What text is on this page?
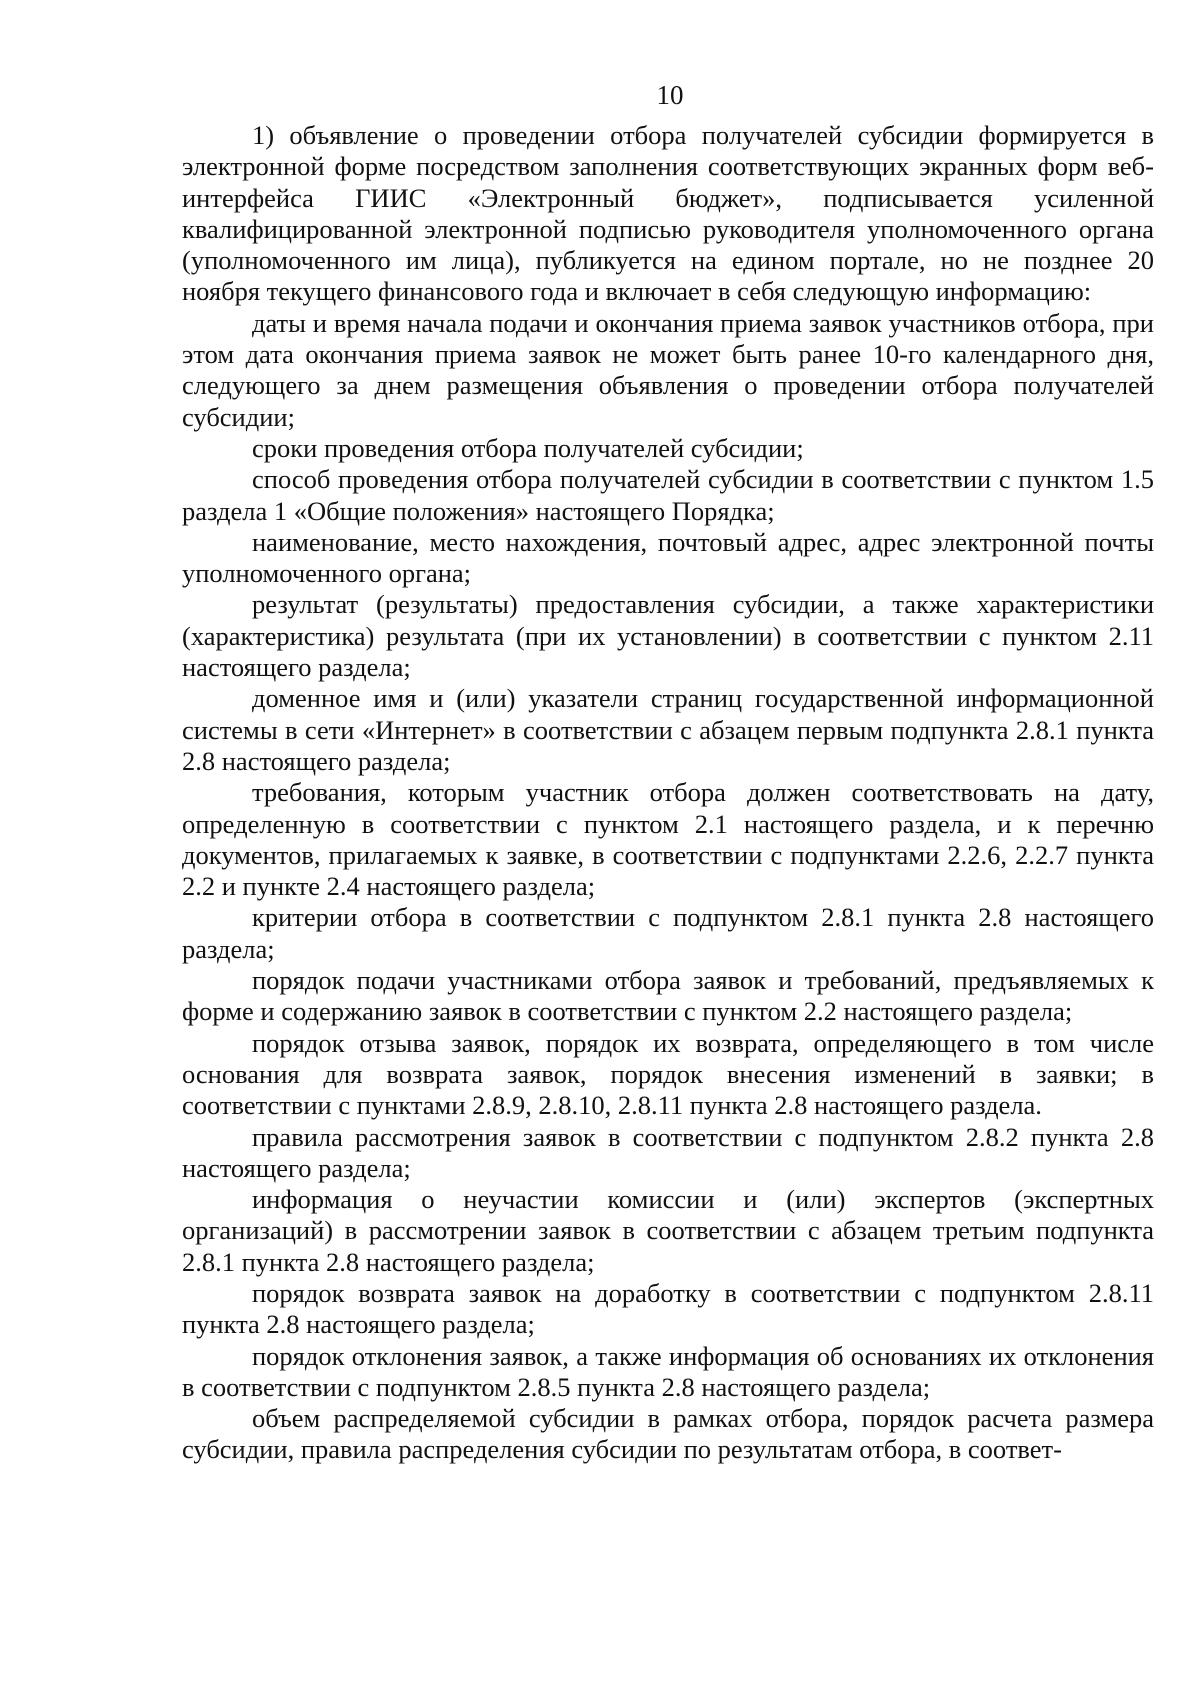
10

1) объявление о проведении отбора получателей субсидии формируется в электронной форме посредством заполнения соответствующих экранных форм веб-интерфейса ГИИС «Электронный бюджет», подписывается усиленной квалифицированной электронной подписью руководителя уполномоченного органа (уполномоченного им лица), публикуется на едином портале, но не позднее 20 ноября текущего финансового года и включает в себя следующую информацию:

даты и время начала подачи и окончания приема заявок участников отбора, при этом дата окончания приема заявок не может быть ранее 10-го календарного дня, следующего за днем размещения объявления о проведении отбора получателей субсидии;

сроки проведения отбора получателей субсидии;

способ проведения отбора получателей субсидии в соответствии с пунктом 1.5 раздела 1 «Общие положения» настоящего Порядка;

наименование, место нахождения, почтовый адрес, адрес электронной почты уполномоченного органа;

результат (результаты) предоставления субсидии, а также характеристики (характеристика) результата (при их установлении) в соответствии с пунктом 2.11 настоящего раздела;

доменное имя и (или) указатели страниц государственной информационной системы в сети «Интернет» в соответствии с абзацем первым подпункта 2.8.1 пункта 2.8 настоящего раздела;

требования, которым участник отбора должен соответствовать на дату, определенную в соответствии с пунктом 2.1 настоящего раздела, и к перечню документов, прилагаемых к заявке, в соответствии с подпунктами 2.2.6, 2.2.7 пункта 2.2 и пункте 2.4 настоящего раздела;

критерии отбора в соответствии с подпунктом 2.8.1 пункта 2.8 настоящего раздела;

порядок подачи участниками отбора заявок и требований, предъявляемых к форме и содержанию заявок в соответствии с пунктом 2.2 настоящего раздела;

порядок отзыва заявок, порядок их возврата, определяющего в том числе основания для возврата заявок, порядок внесения изменений в заявки; в соответствии с пунктами 2.8.9, 2.8.10, 2.8.11 пункта 2.8 настоящего раздела.

правила рассмотрения заявок в соответствии с подпунктом 2.8.2 пункта 2.8 настоящего раздела;

информация о неучастии комиссии и (или) экспертов (экспертных организаций) в рассмотрении заявок в соответствии с абзацем третьим подпункта 2.8.1 пункта 2.8 настоящего раздела;

порядок возврата заявок на доработку в соответствии с подпунктом 2.8.11 пункта 2.8 настоящего раздела;

порядок отклонения заявок, а также информация об основаниях их отклонения в соответствии с подпунктом 2.8.5 пункта 2.8 настоящего раздела;

объем распределяемой субсидии в рамках отбора, порядок расчета размера субсидии, правила распределения субсидии по результатам отбора, в соответ-
